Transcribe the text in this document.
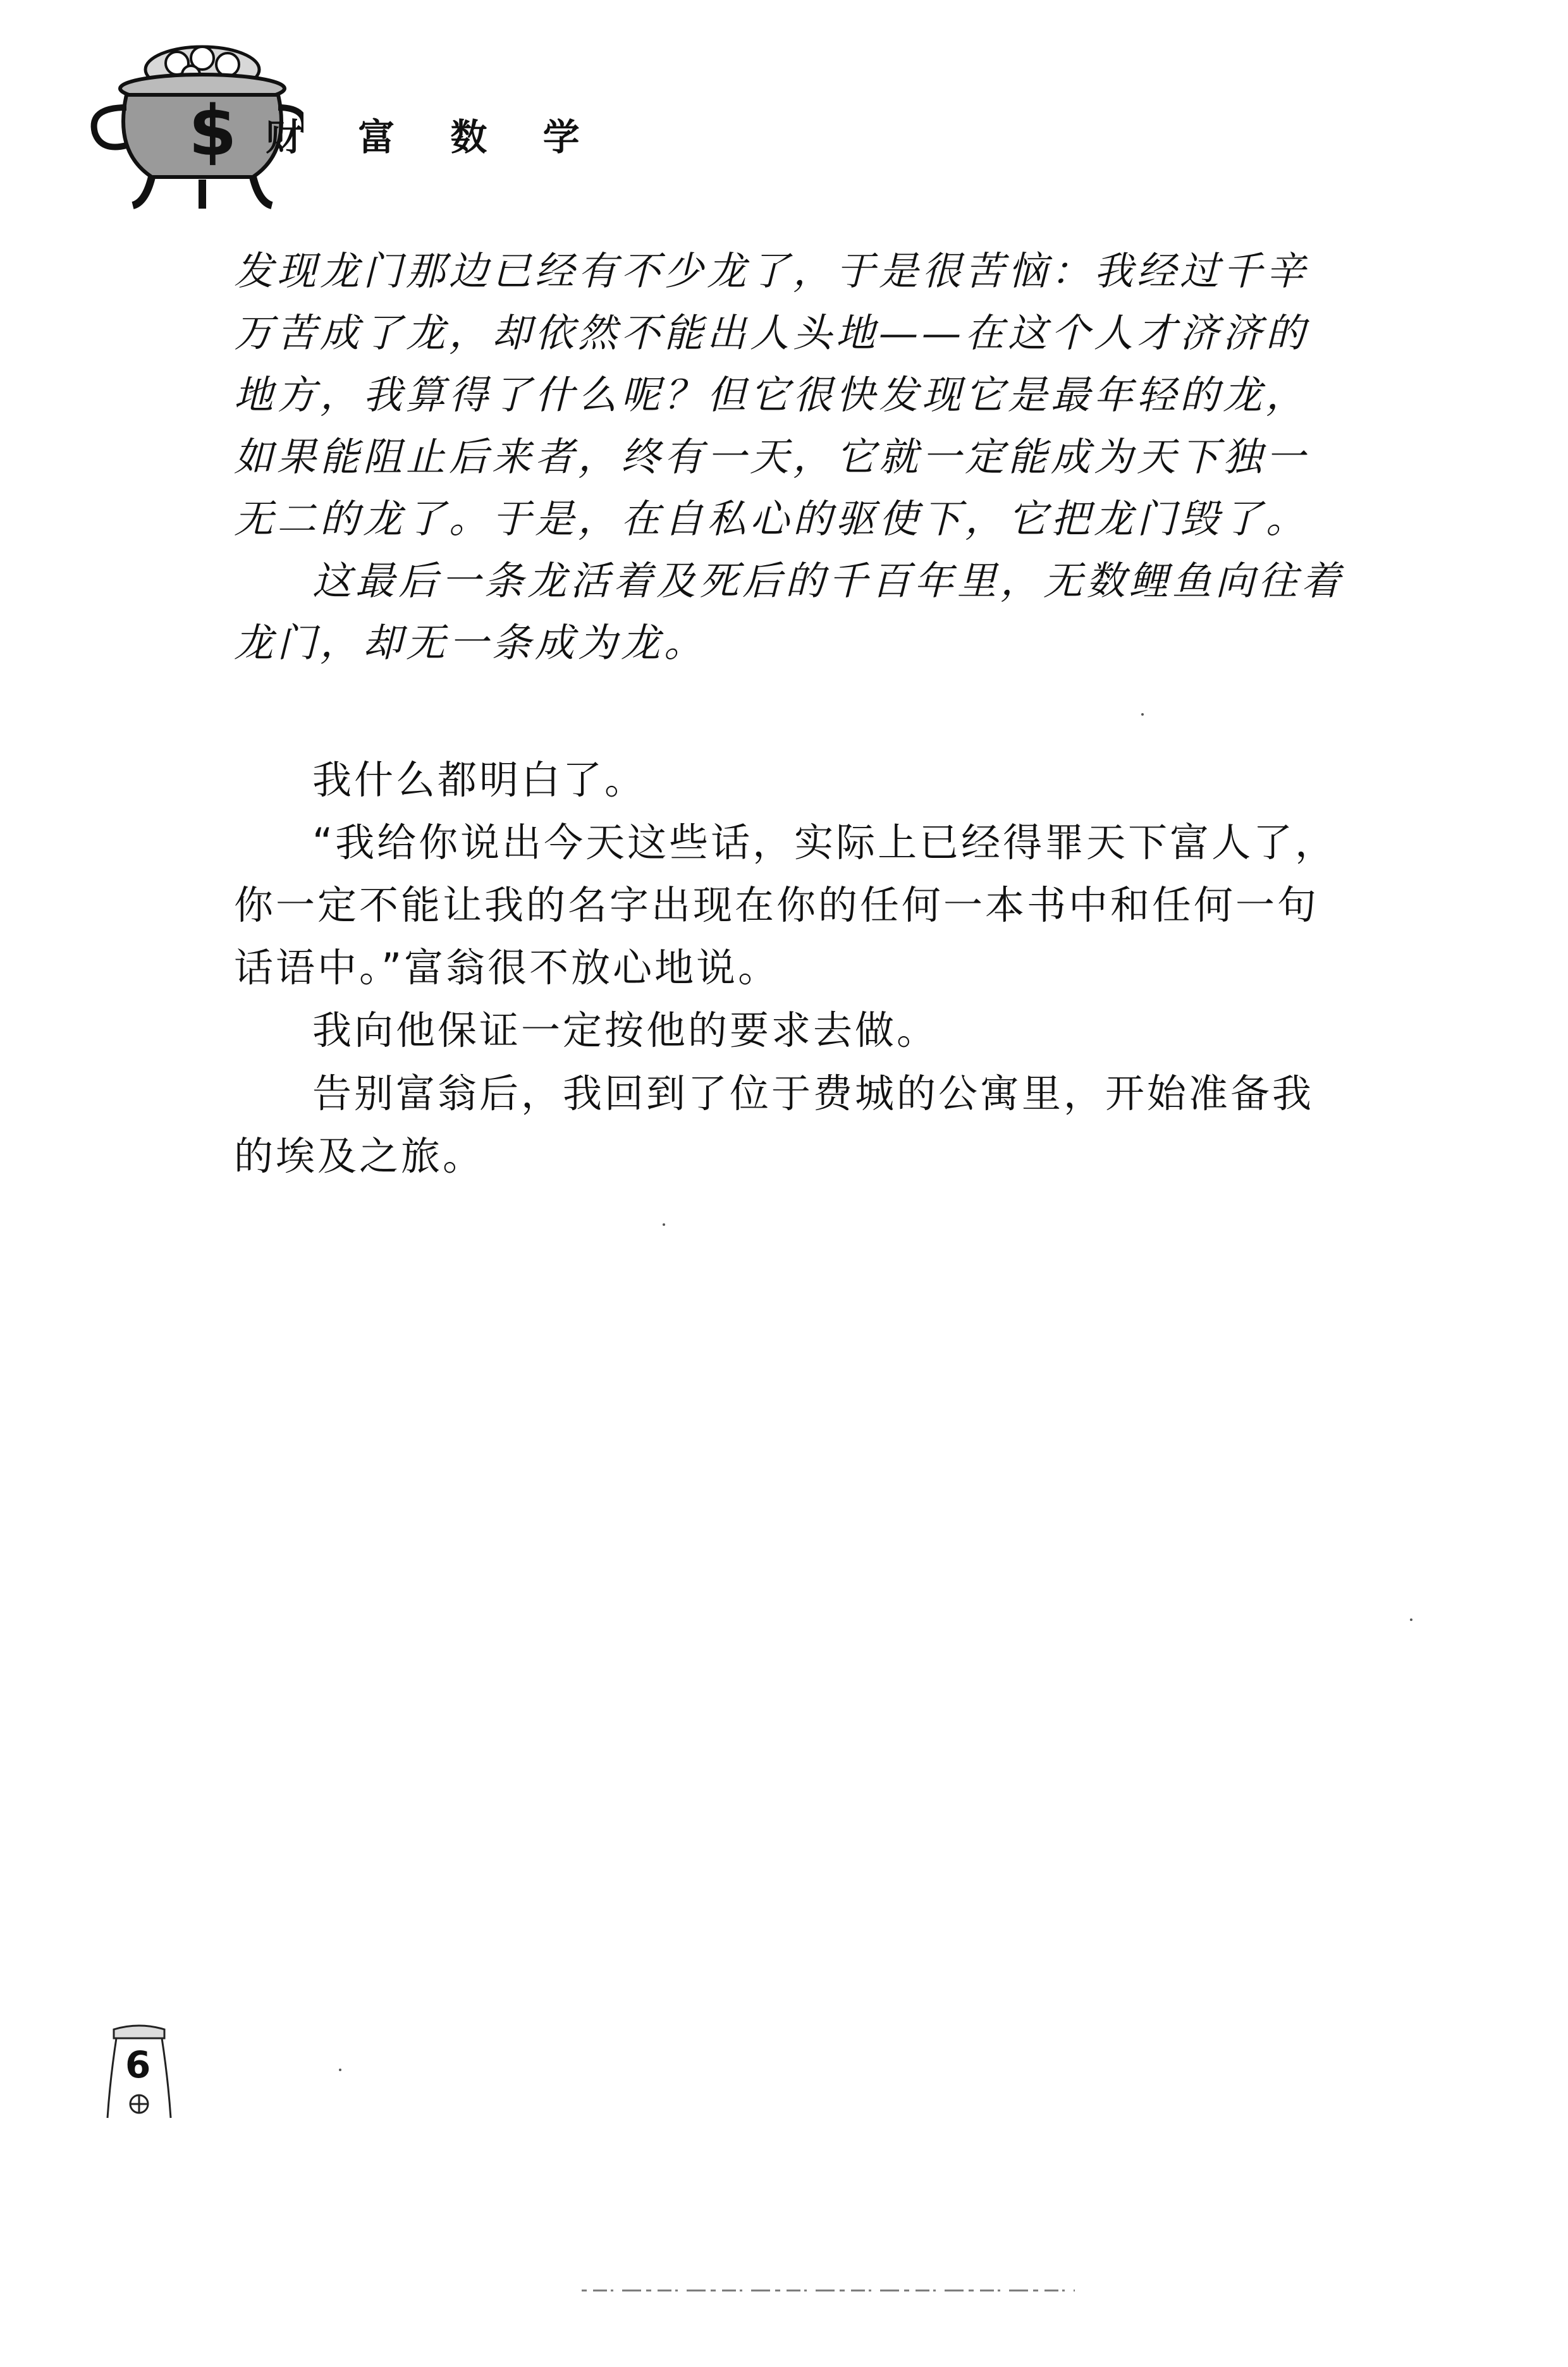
$ 财 富 数 学

发现龙门那边已经有不少龙了，于是很苦恼：我经过千辛万苦成了龙，却依然不能出人头地——在这个人才济济的地方，我算得了什么呢？但它很快发现它是最年轻的龙，如果能阻止后来者，终有一天，它就一定能成为天下独一无二的龙了。于是，在自私心的驱使下，它把龙门毁了。

这最后一条龙活着及死后的千百年里，无数鲤鱼向往着龙门，却无一条成为龙。

我什么都明白了。

“我给你说出今天这些话，实际上已经得罪天下富人了，你一定不能让我的名字出现在你的任何一本书中和任何一句话语中。”富翁很不放心地说。

我向他保证一定按他的要求去做。

告别富翁后，我回到了位于费城的公寓里，开始准备我的埃及之旅。

6
